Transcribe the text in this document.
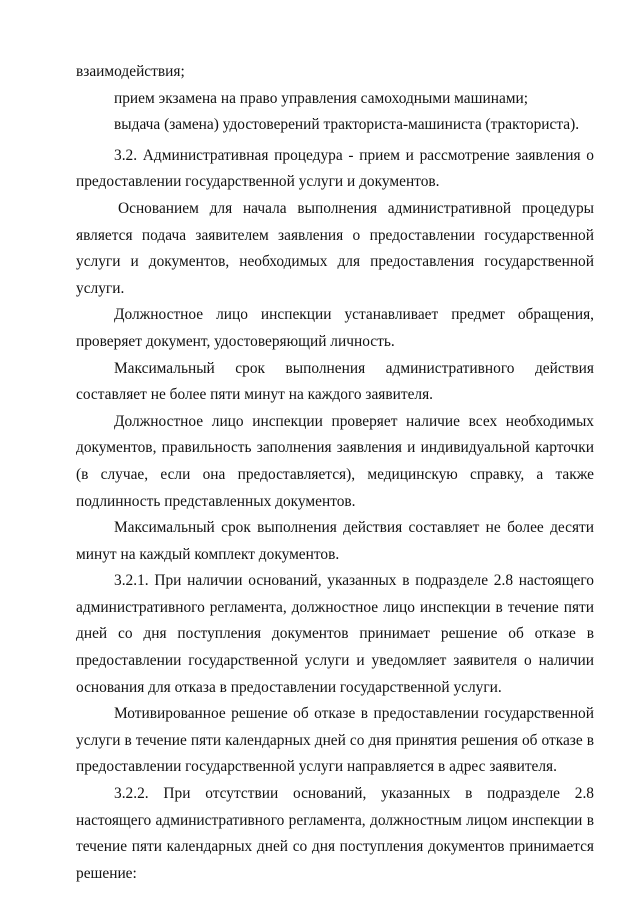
взаимодействия;

прием экзамена на право управления самоходными машинами;

выдача (замена) удостоверений тракториста-машиниста (тракториста).

3.2. Административная процедура - прием и рассмотрение заявления о предоставлении государственной услуги и документов.

Основанием для начала выполнения административной процедуры является подача заявителем заявления о предоставлении государственной услуги и документов, необходимых для предоставления государственной услуги.

Должностное лицо инспекции устанавливает предмет обращения, проверяет документ, удостоверяющий личность.

Максимальный срок выполнения административного действия составляет не более пяти минут на каждого заявителя.

Должностное лицо инспекции проверяет наличие всех необходимых документов, правильность заполнения заявления и индивидуальной карточки (в случае, если она предоставляется), медицинскую справку, а также подлинность представленных документов.

Максимальный срок выполнения действия составляет не более десяти минут на каждый комплект документов.

3.2.1. При наличии оснований, указанных в подразделе 2.8 настоящего административного регламента, должностное лицо инспекции в течение пяти дней со дня поступления документов принимает решение об отказе в предоставлении государственной услуги и уведомляет заявителя о наличии основания для отказа в предоставлении государственной услуги.

Мотивированное решение об отказе в предоставлении государственной услуги в течение пяти календарных дней со дня принятия решения об отказе в предоставлении государственной услуги направляется в адрес заявителя.

3.2.2. При отсутствии оснований, указанных в подразделе 2.8 настоящего административного регламента, должностным лицом инспекции в течение пяти календарных дней со дня поступления документов принимается решение:
